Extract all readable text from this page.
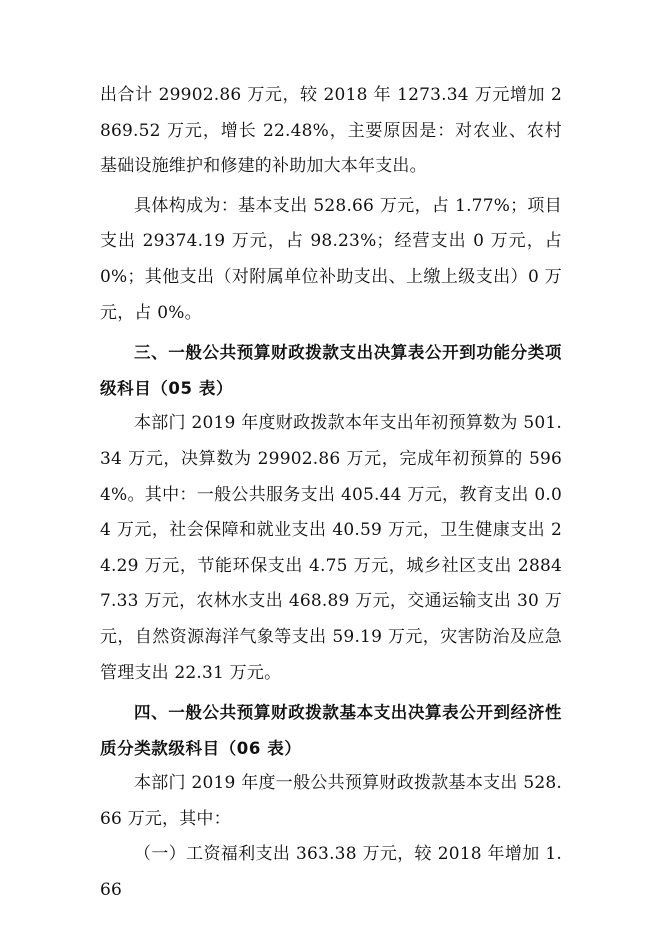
出合计 29902.86 万元，较 2018 年 1273.34 万元增加 2869.52 万元，增长 22.48%，主要原因是：对农业、农村基础设施维护和修建的补助加大本年支出。

具体构成为：基本支出 528.66 万元，占 1.77%；项目支出 29374.19 万元，占 98.23%；经营支出 0 万元，占 0%；其他支出（对附属单位补助支出、上缴上级支出）0 万元，占 0%。

三、一般公共预算财政拨款支出决算表公开到功能分类项级科目（05 表）

本部门 2019 年度财政拨款本年支出年初预算数为 501.34 万元，决算数为 29902.86 万元，完成年初预算的 5964%。其中：一般公共服务支出 405.44 万元，教育支出 0.04 万元，社会保障和就业支出 40.59 万元，卫生健康支出 24.29 万元，节能环保支出 4.75 万元，城乡社区支出 28847.33 万元，农林水支出 468.89 万元，交通运输支出 30 万元，自然资源海洋气象等支出 59.19 万元，灾害防治及应急管理支出 22.31 万元。

四、一般公共预算财政拨款基本支出决算表公开到经济性质分类款级科目（06 表）

本部门 2019 年度一般公共预算财政拨款基本支出 528.66 万元，其中：

（一）工资福利支出 363.38 万元，较 2018 年增加 1.66
